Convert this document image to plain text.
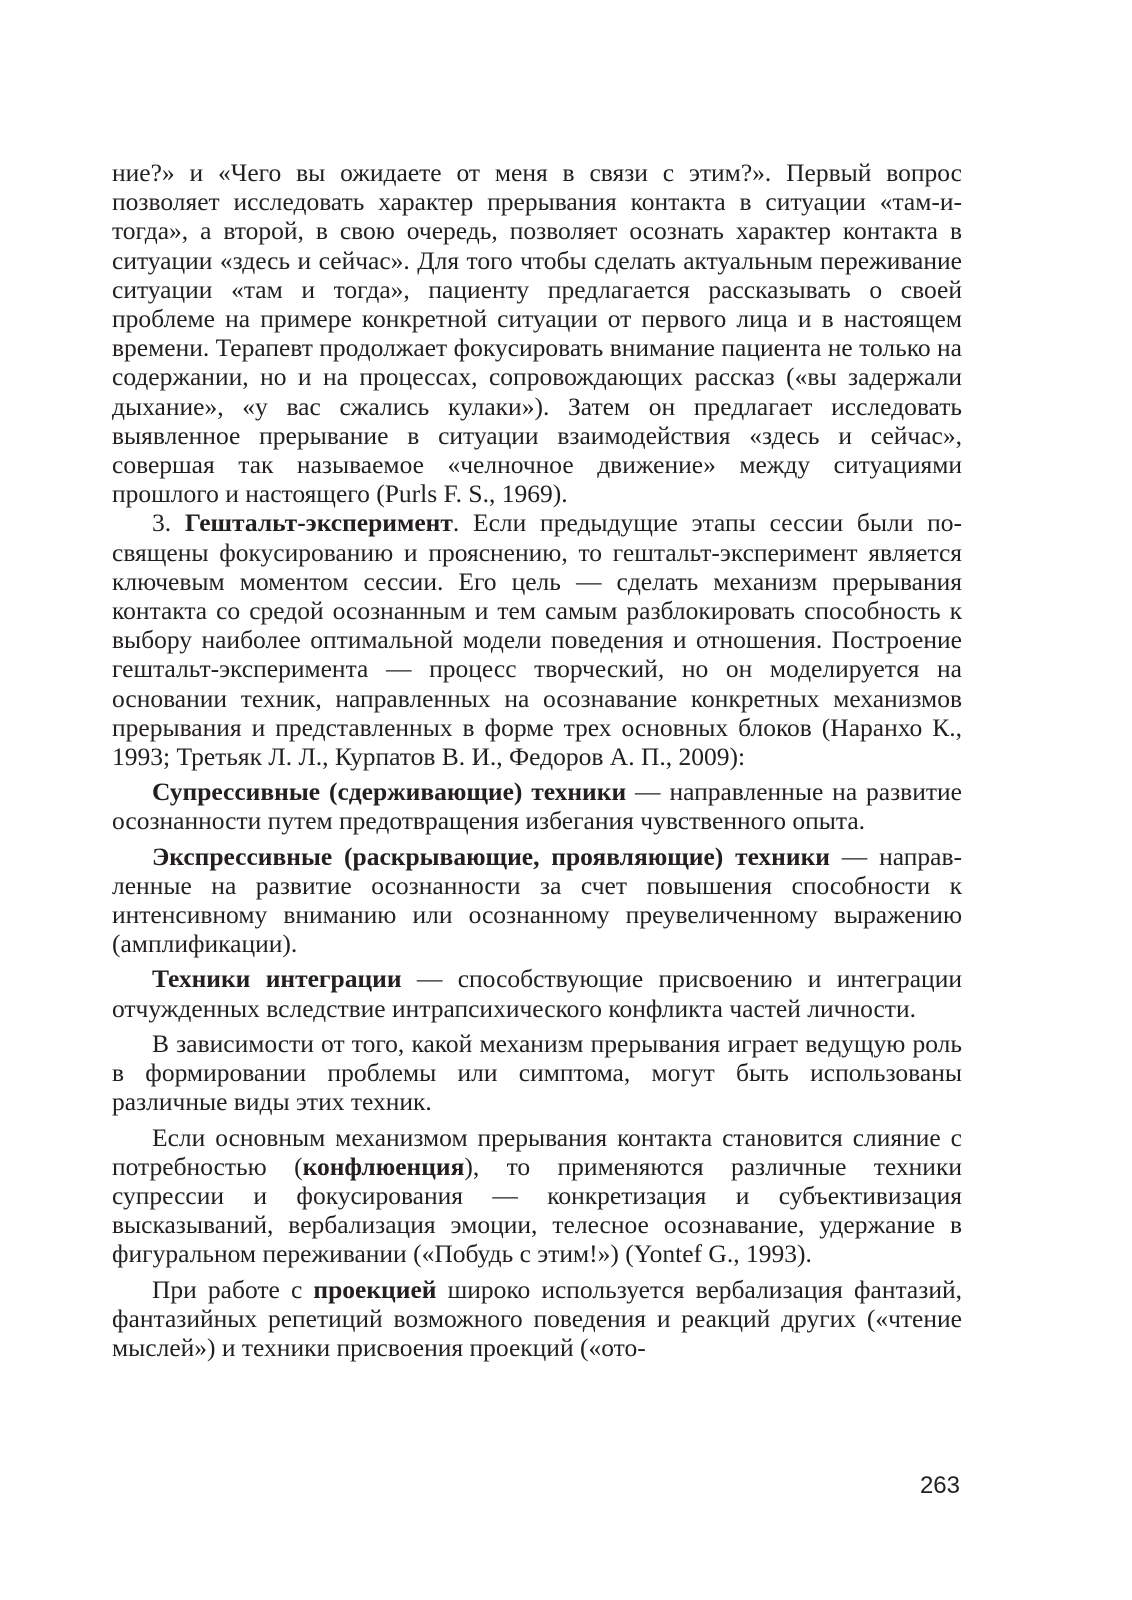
ние?» и «Чего вы ожидаете от меня в связи с этим?». Первый вопрос позволяет исследовать характер прерывания контакта в ситуации «там-и-тогда», а второй, в свою очередь, позволяет осознать характер контакта в ситуации «здесь и сейчас». Для того чтобы сделать актуальным переживание ситуации «там и тогда», пациенту предлагается рассказывать о своей проблеме на примере конкретной ситуации от первого лица и в настоящем времени. Терапевт продолжает фокусировать внимание пациента не только на содержании, но и на процессах, сопровождающих рассказ («вы задержали дыхание», «у вас сжались кулаки»). Затем он предлагает исследовать выявленное прерывание в ситуации взаимодействия «здесь и сейчас», совершая так называемое «челночное движение» между ситуациями прошлого и настоящего (Purls F. S., 1969).

3. Гештальт-эксперимент. Если предыдущие этапы сессии были посвящены фокусированию и прояснению, то гештальт-эксперимент является ключевым моментом сессии. Его цель — сделать механизм прерывания контакта со средой осознанным и тем самым разблокировать способность к выбору наиболее оптимальной модели поведения и отношения. Построение гештальт-эксперимента — процесс творческий, но он моделируется на основании техник, направленных на осознавание конкретных механизмов прерывания и представленных в форме трех основных блоков (Наранхо К., 1993; Третьяк Л. Л., Курпатов В. И., Федоров А. П., 2009):

Супрессивные (сдерживающие) техники — направленные на развитие осознанности путем предотвращения избегания чувственного опыта.

Экспрессивные (раскрывающие, проявляющие) техники — направленные на развитие осознанности за счет повышения способности к интенсивному вниманию или осознанному преувеличенному выражению (амплификации).

Техники интеграции — способствующие присвоению и интеграции отчужденных вследствие интрапсихического конфликта частей личности.

В зависимости от того, какой механизм прерывания играет ведущую роль в формировании проблемы или симптома, могут быть использованы различные виды этих техник.

Если основным механизмом прерывания контакта становится слияние с потребностью (конфлюенция), то применяются различные техники супрессии и фокусирования — конкретизация и субъективизация высказываний, вербализация эмоции, телесное осознавание, удержание в фигуральном переживании («Побудь с этим!») (Yontef G., 1993).

При работе с проекцией широко используется вербализация фантазий, фантазийных репетиций возможного поведения и реакций других («чтение мыслей») и техники присвоения проекций («ото-

263
